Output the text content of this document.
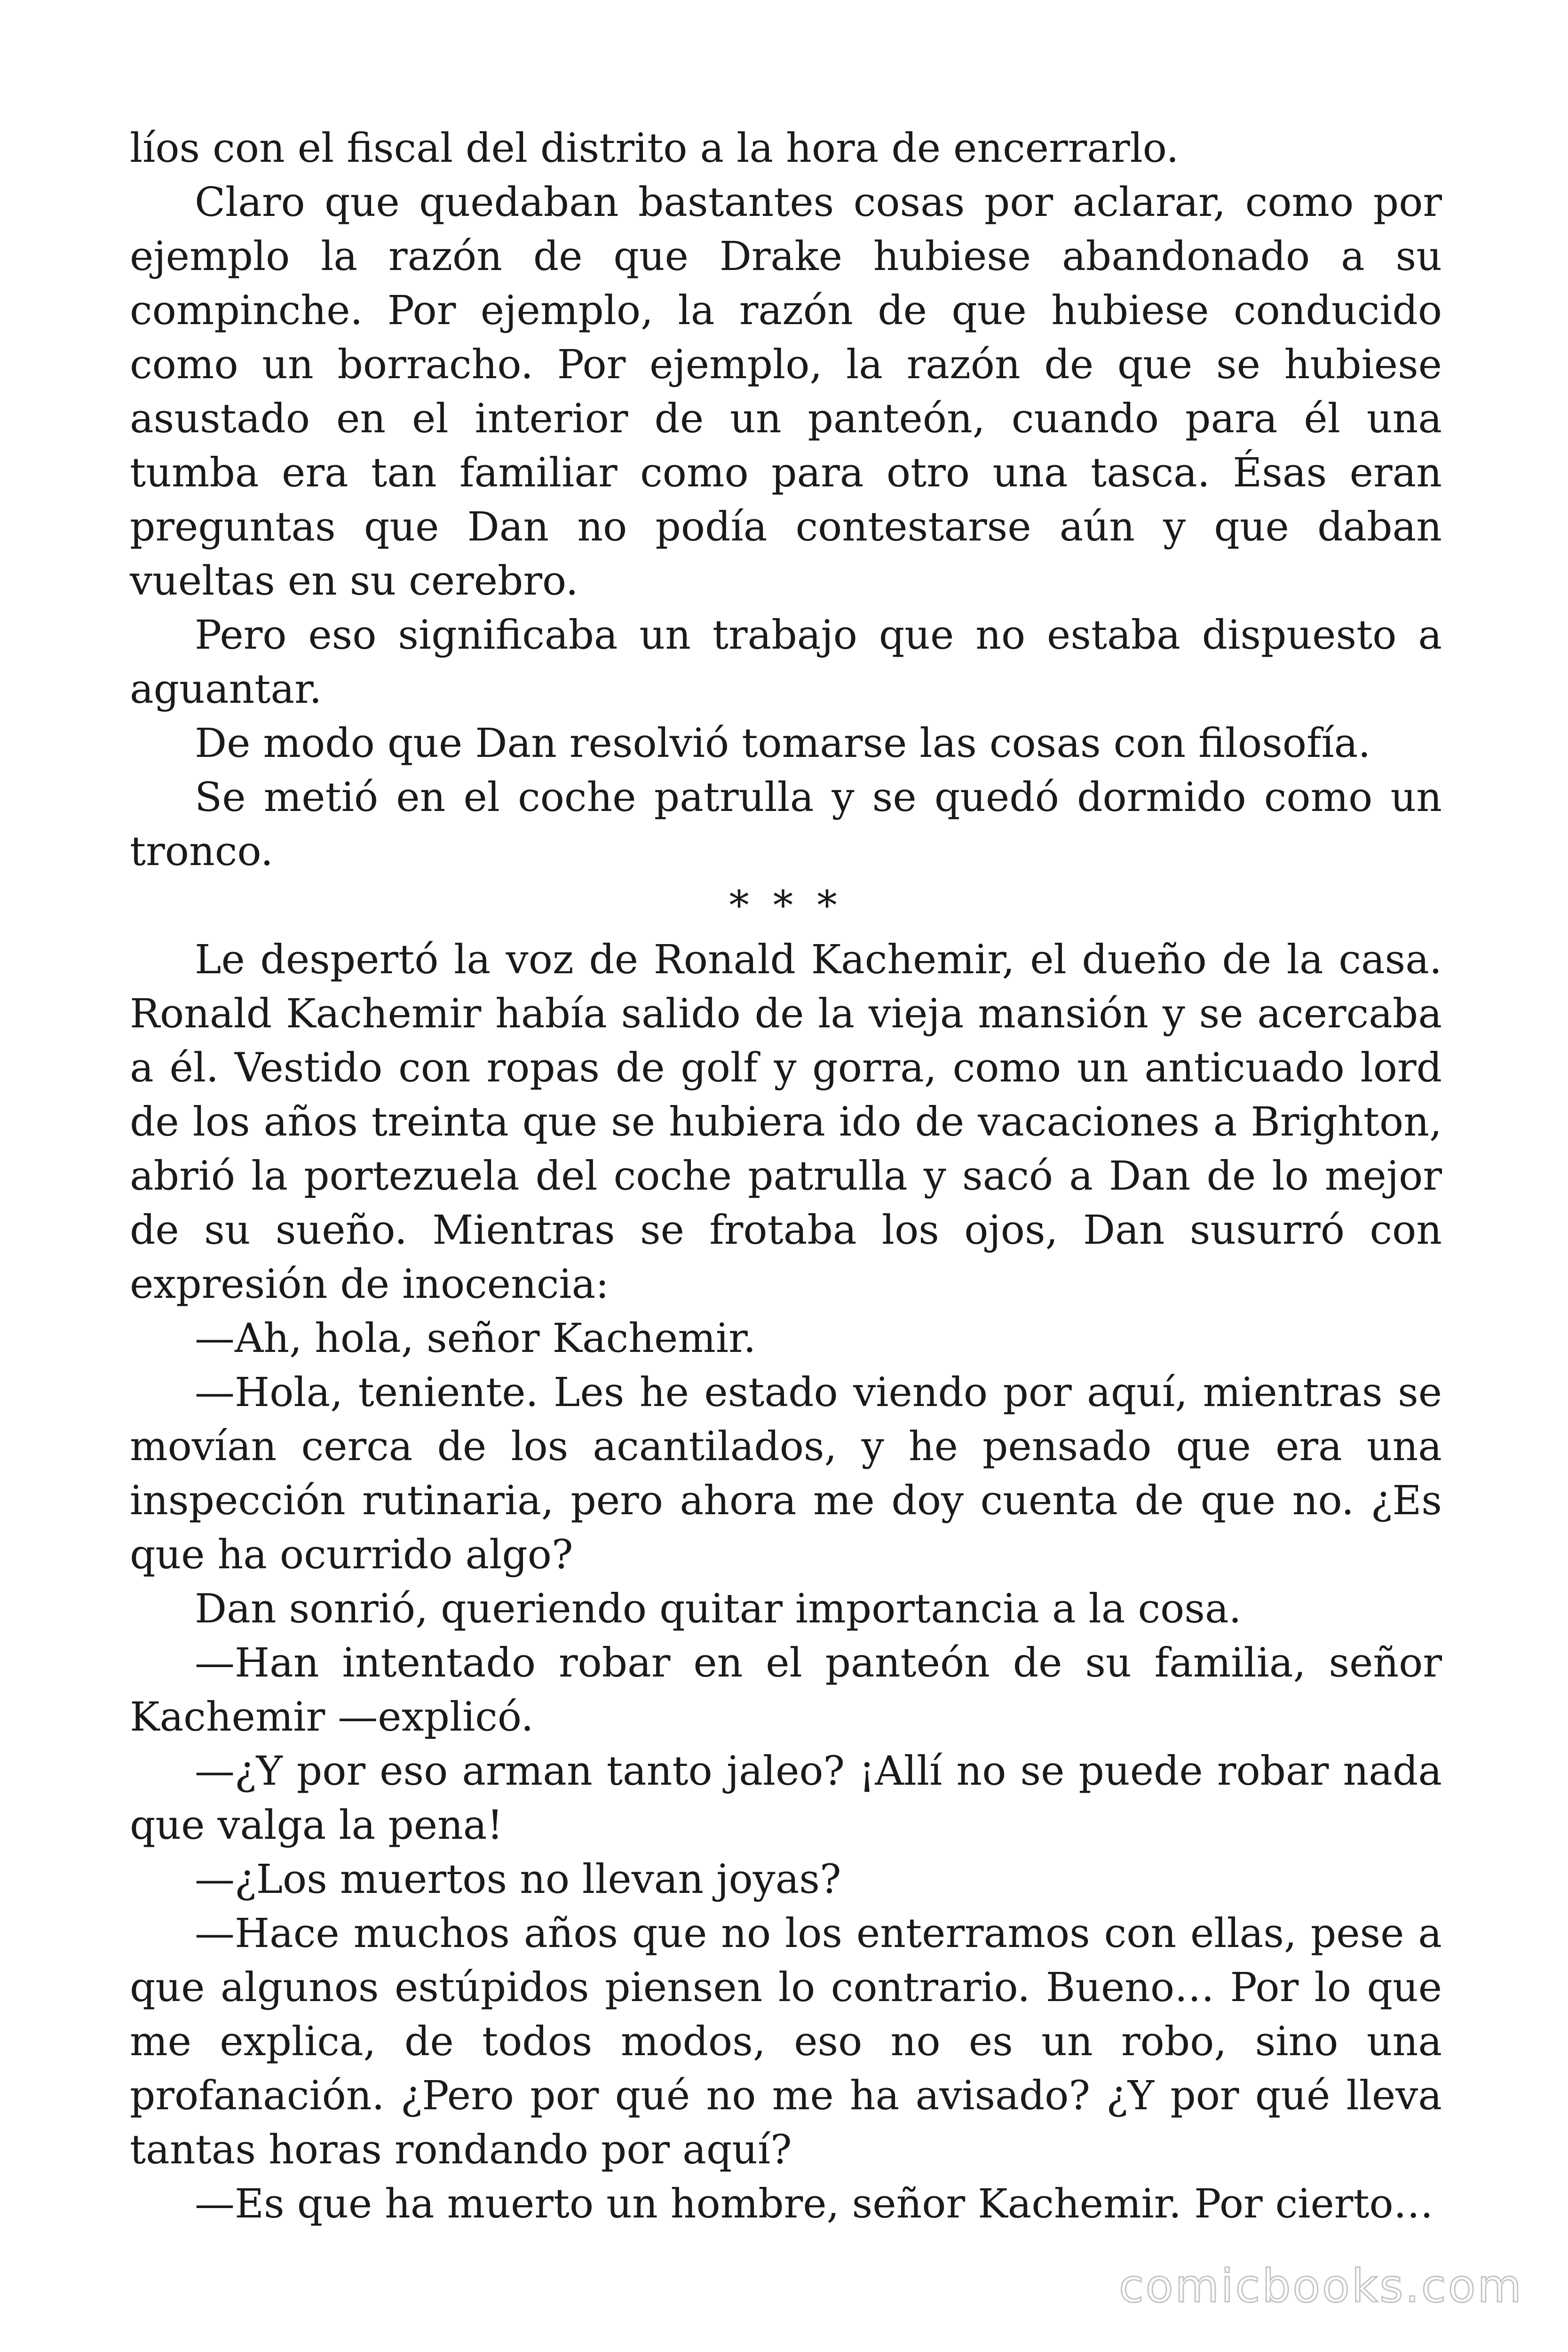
líos con el fiscal del distrito a la hora de encerrarlo.

Claro que quedaban bastantes cosas por aclarar, como por ejemplo la razón de que Drake hubiese abandonado a su compinche. Por ejemplo, la razón de que hubiese conducido como un borracho. Por ejemplo, la razón de que se hubiese asustado en el interior de un panteón, cuando para él una tumba era tan familiar como para otro una tasca. Ésas eran preguntas que Dan no podía contestarse aún y que daban vueltas en su cerebro.

Pero eso significaba un trabajo que no estaba dispuesto a aguantar.

De modo que Dan resolvió tomarse las cosas con filosofía.

Se metió en el coche patrulla y se quedó dormido como un tronco.

* * *

Le despertó la voz de Ronald Kachemir, el dueño de la casa. Ronald Kachemir había salido de la vieja mansión y se acercaba a él. Vestido con ropas de golf y gorra, como un anticuado lord de los años treinta que se hubiera ido de vacaciones a Brighton, abrió la portezuela del coche patrulla y sacó a Dan de lo mejor de su sueño. Mientras se frotaba los ojos, Dan susurró con expresión de inocencia:

—Ah, hola, señor Kachemir.

—Hola, teniente. Les he estado viendo por aquí, mientras se movían cerca de los acantilados, y he pensado que era una inspección rutinaria, pero ahora me doy cuenta de que no. ¿Es que ha ocurrido algo?

Dan sonrió, queriendo quitar importancia a la cosa.

—Han intentado robar en el panteón de su familia, señor Kachemir —explicó.

—¿Y por eso arman tanto jaleo? ¡Allí no se puede robar nada que valga la pena!

—¿Los muertos no llevan joyas?

—Hace muchos años que no los enterramos con ellas, pese a que algunos estúpidos piensen lo contrario. Bueno… Por lo que me explica, de todos modos, eso no es un robo, sino una profanación. ¿Pero por qué no me ha avisado? ¿Y por qué lleva tantas horas rondando por aquí?

—Es que ha muerto un hombre, señor Kachemir. Por cierto…

comicbooks.com
